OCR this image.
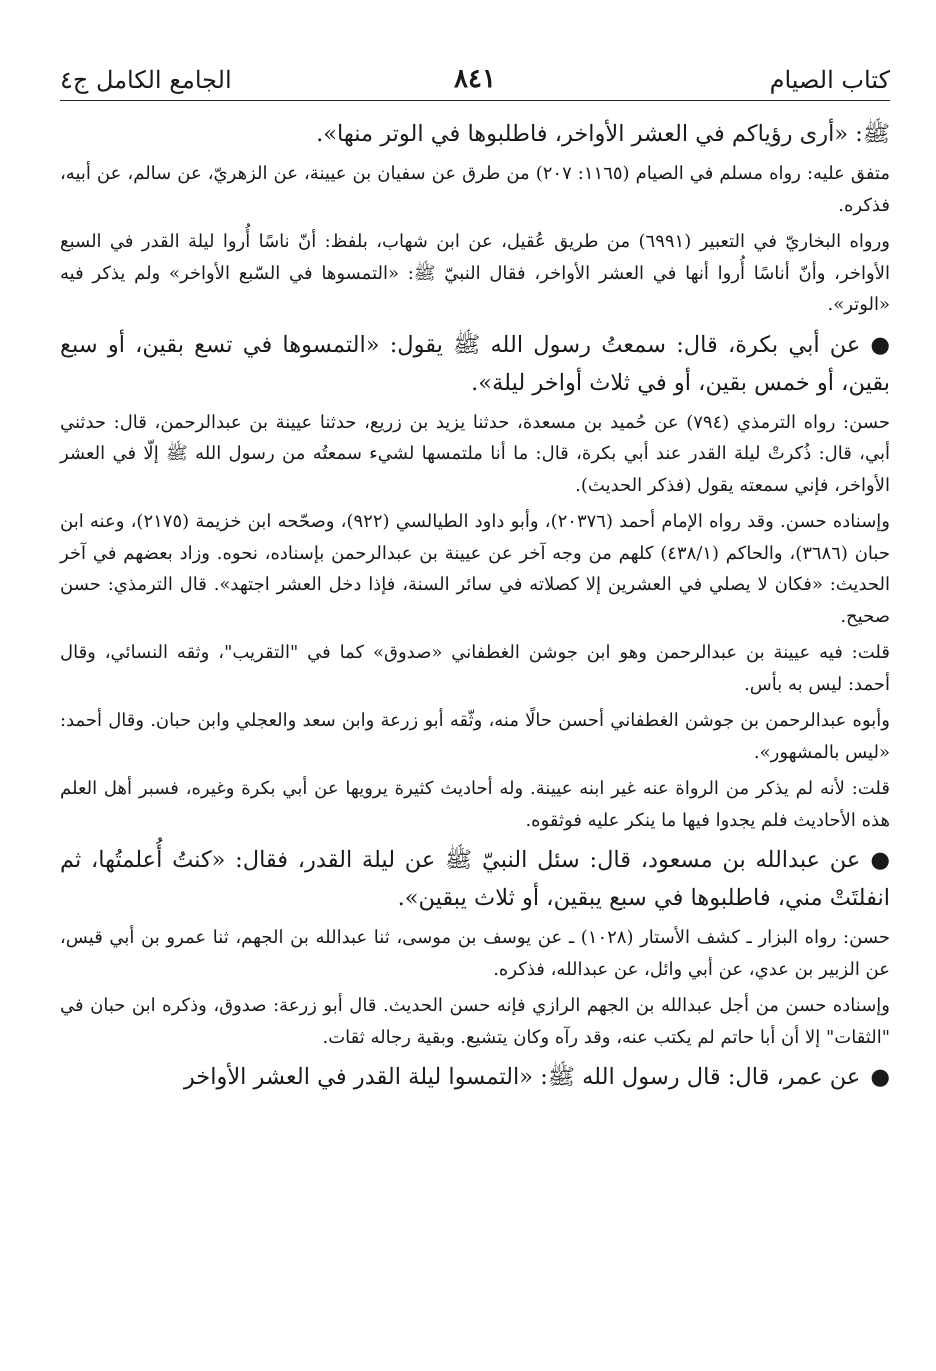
كتاب الصيام
٨٤١
الجامع الكامل ج٤

ﷺ: «أرى رؤياكم في العشر الأواخر، فاطلبوها في الوتر منها».

متفق عليه: رواه مسلم في الصيام (١١٦٥: ٢٠٧) من طرق عن سفيان بن عيينة، عن الزهريّ، عن سالم، عن أبيه، فذكره.

ورواه البخاريّ في التعبير (٦٩٩١) من طريق عُقيل، عن ابن شهاب، بلفظ: أنّ ناسًا أُروا ليلة القدر في السبع الأواخر، وأنّ أناسًا أُروا أنها في العشر الأواخر، فقال النبيّ ﷺ: «التمسوها في السّبع الأواخر» ولم يذكر فيه «الوتر».

●عن أبي بكرة، قال: سمعتُ رسول الله ﷺ يقول: «التمسوها في تسع بقين، أو سبع بقين، أو خمس بقين، أو في ثلاث أواخر ليلة».

حسن: رواه الترمذي (٧٩٤) عن حُميد بن مسعدة، حدثنا يزيد بن زريع، حدثنا عيينة بن عبدالرحمن، قال: حدثني أبي، قال: ذُكرتْ ليلة القدر عند أبي بكرة، قال: ما أنا ملتمسها لشيء سمعتُه من رسول الله ﷺ إلّا في العشر الأواخر، فإني سمعته يقول (فذكر الحديث).

وإسناده حسن. وقد رواه الإمام أحمد (٢٠٣٧٦)، وأبو داود الطيالسي (٩٢٢)، وصحّحه ابن خزيمة (٢١٧٥)، وعنه ابن حبان (٣٦٨٦)، والحاكم (٤٣٨/١) كلهم من وجه آخر عن عيينة بن عبدالرحمن بإسناده، نحوه. وزاد بعضهم في آخر الحديث: «فكان لا يصلي في العشرين إلا كصلاته في سائر السنة، فإذا دخل العشر اجتهد». قال الترمذي: حسن صحيح.

قلت: فيه عيينة بن عبدالرحمن وهو ابن جوشن الغطفاني «صدوق» كما في "التقريب"، وثقه النسائي، وقال أحمد: ليس به بأس.

وأبوه عبدالرحمن بن جوشن الغطفاني أحسن حالًا منه، وثّقه أبو زرعة وابن سعد والعجلي وابن حبان. وقال أحمد: «ليس بالمشهور».

قلت: لأنه لم يذكر من الرواة عنه غير ابنه عيينة. وله أحاديث كثيرة يرويها عن أبي بكرة وغيره، فسبر أهل العلم هذه الأحاديث فلم يجدوا فيها ما ينكر عليه فوثقوه.

●عن عبدالله بن مسعود، قال: سئل النبيّ ﷺ عن ليلة القدر، فقال: «كنتُ أُعلمتُها، ثم انفلتَتْ مني، فاطلبوها في سبع يبقين، أو ثلاث يبقين».

حسن: رواه البزار ـ كشف الأستار (١٠٢٨) ـ عن يوسف بن موسى، ثنا عبدالله بن الجهم، ثنا عمرو بن أبي قيس، عن الزبير بن عدي، عن أبي وائل، عن عبدالله، فذكره.

وإسناده حسن من أجل عبدالله بن الجهم الرازي فإنه حسن الحديث. قال أبو زرعة: صدوق، وذكره ابن حبان في "الثقات" إلا أن أبا حاتم لم يكتب عنه، وقد رآه وكان يتشيع. وبقية رجاله ثقات.

●عن عمر، قال: قال رسول الله ﷺ: «التمسوا ليلة القدر في العشر الأواخر
